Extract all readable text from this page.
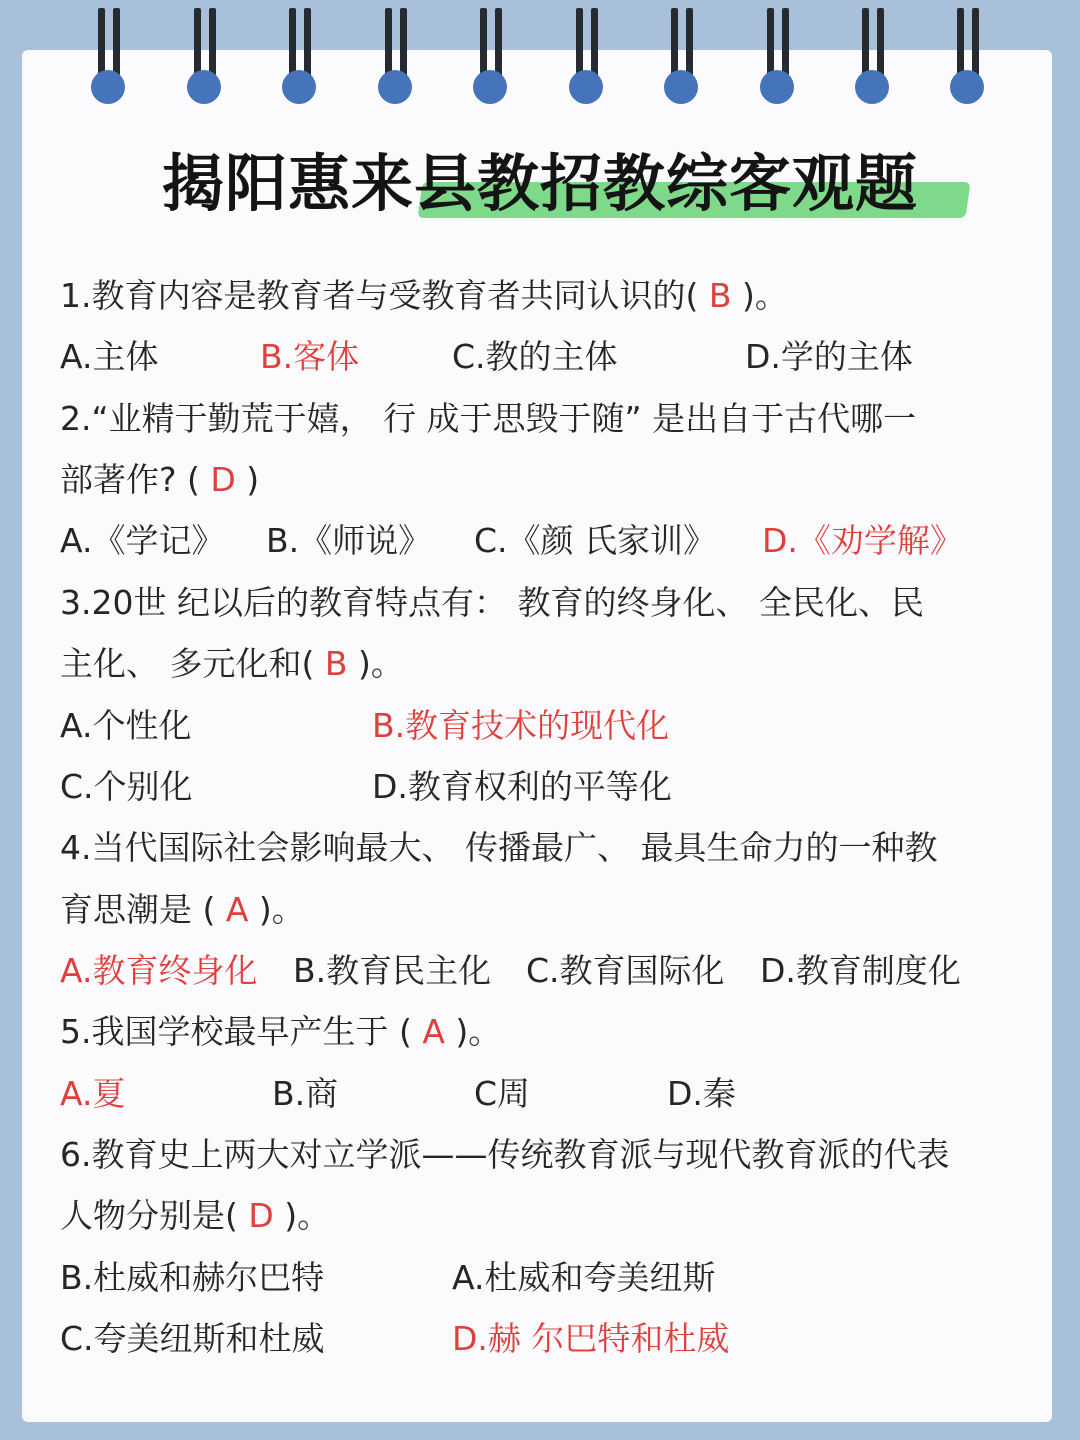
揭阳惠来县教招教综客观题
1.教育内容是教育者与受教育者共同认识的( B )。
A.主体	B.客体	C.教的主体	D.学的主体
2.“业精于勤荒于嬉， 行 成于思毁于随” 是出自于古代哪一
部著作? ( D )
A.《学记》 B.《师说》 C.《颜 氏家训》 D.《劝学解》
3.20世 纪以后的教育特点有： 教育的终身化、 全民化、民
主化、 多元化和( B )。
A.个性化	B.教育技术的现代化
C.个别化	D.教育权利的平等化
4.当代国际社会影响最大、 传播最广、 最具生命力的一种教
育思潮是 ( A )。
A.教育终身化 B.教育民主化 C.教育国际化 D.教育制度化
5.我国学校最早产生于 ( A )。
A.夏	B.商	C周	D.秦
6.教育史上两大对立学派——传统教育派与现代教育派的代表
人物分别是( D )。
B.杜威和赫尔巴特	A.杜威和夸美纽斯
C.夸美纽斯和杜威	D.赫 尔巴特和杜威
